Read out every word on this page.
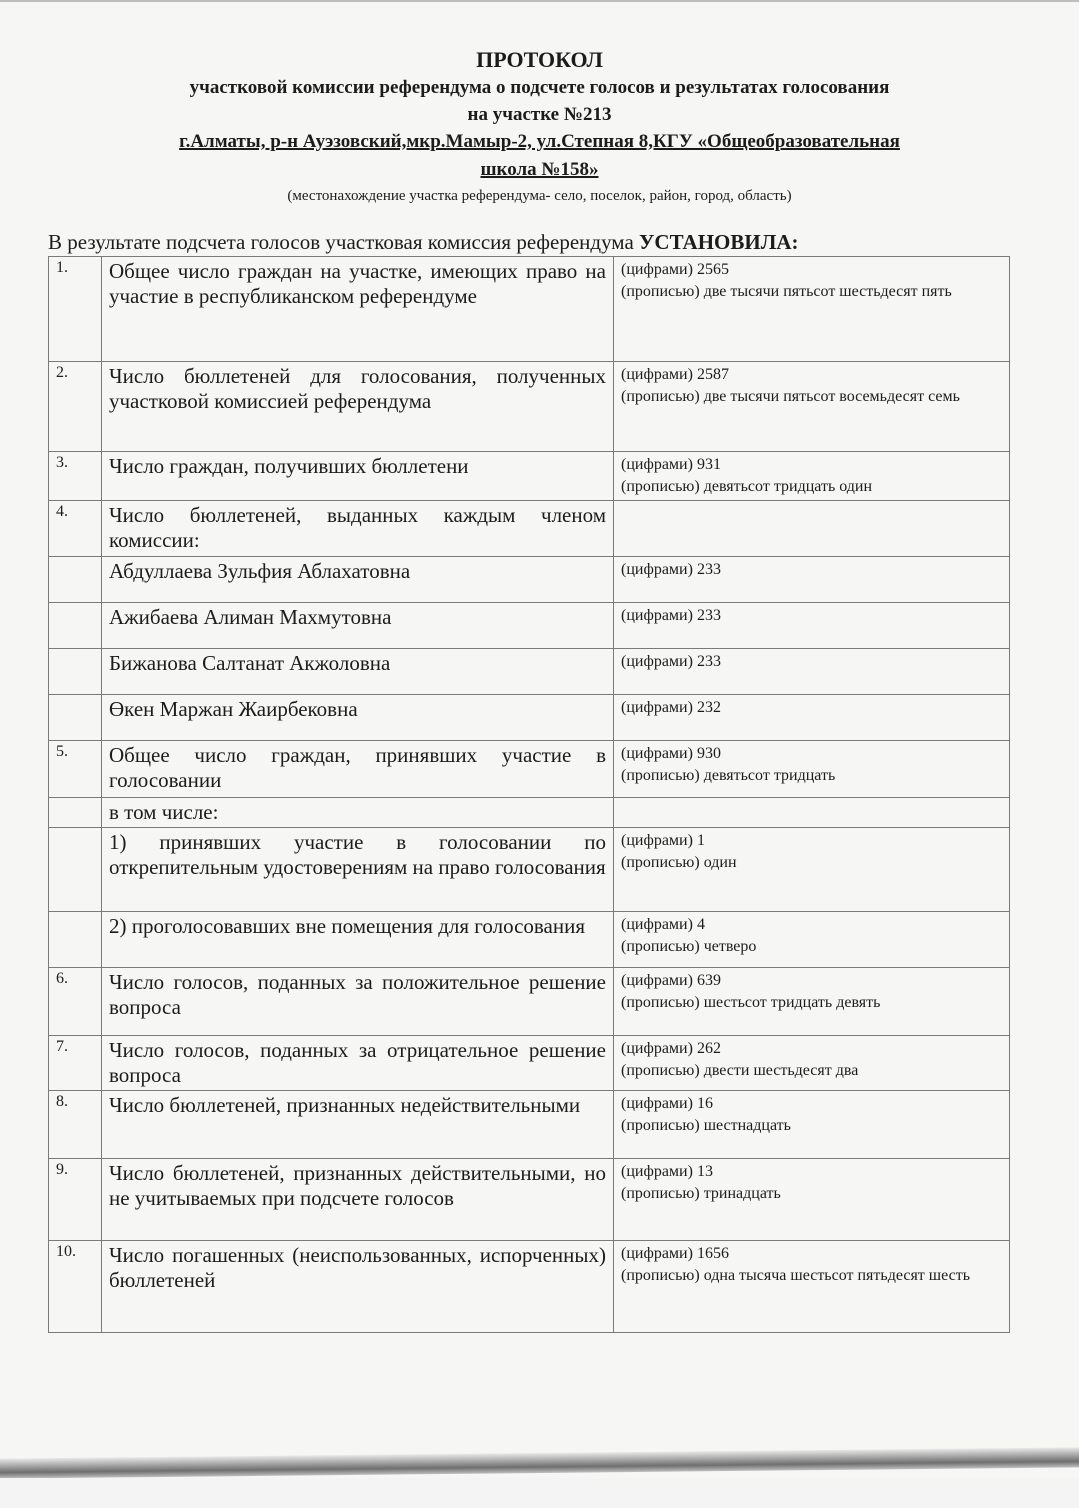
ПРОТОКОЛ
участковой комиссии референдума о подсчете голосов и результатах голосования
на участке №213
г.Алматы, р-н Ауэзовский,мкр.Мамыр-2, ул.Степная 8,КГУ «Общеобразовательная
школа №158»
(местонахождение участка референдума- село, поселок, район, город, область)
В результате подсчета голосов участковая комиссия референдума УСТАНОВИЛА:
1.	Общее число граждан на участке, имеющих право на участие в республиканском референдуме	(цифрами) 2565
(прописью) две тысячи пятьсот шестьдесят пять

2.	Число бюллетеней для голосования, полученных участковой комиссией референдума	(цифрами) 2587
(прописью) две тысячи пятьсот восемьдесят семь

3.	Число граждан, получивших бюллетени	(цифрами) 931
(прописью) девятьсот тридцать один

4.	Число бюллетеней, выданных каждым членом комиссии:	

	Абдуллаева Зульфия Аблахатовна	(цифрами) 233

	Ажибаева Алиман Махмутовна	(цифрами) 233

	Бижанова Салтанат Акжоловна	(цифрами) 233

	Өкен Маржан Жаирбековна	(цифрами) 232

5.	Общее число граждан, принявших участие в голосовании	(цифрами) 930
(прописью) девятьсот тридцать

	в том числе:	

	1) принявших участие в голосовании по открепительным удостоверениям на право голосования	(цифрами) 1
(прописью) один

	2) проголосовавших вне помещения для голосования	(цифрами) 4
(прописью) четверо

6.	Число голосов, поданных за положительное решение вопроса	(цифрами) 639
(прописью) шестьсот тридцать девять

7.	Число голосов, поданных за отрицательное решение вопроса	(цифрами) 262
(прописью) двести шестьдесят два

8.	Число бюллетеней, признанных недействительными	(цифрами) 16
(прописью) шестнадцать

9.	Число бюллетеней, признанных действительными, но не учитываемых при подсчете голосов	(цифрами) 13
(прописью) тринадцать

10.	Число погашенных (неиспользованных, испорченных) бюллетеней	(цифрами) 1656
(прописью) одна тысяча шестьсот пятьдесят шесть
